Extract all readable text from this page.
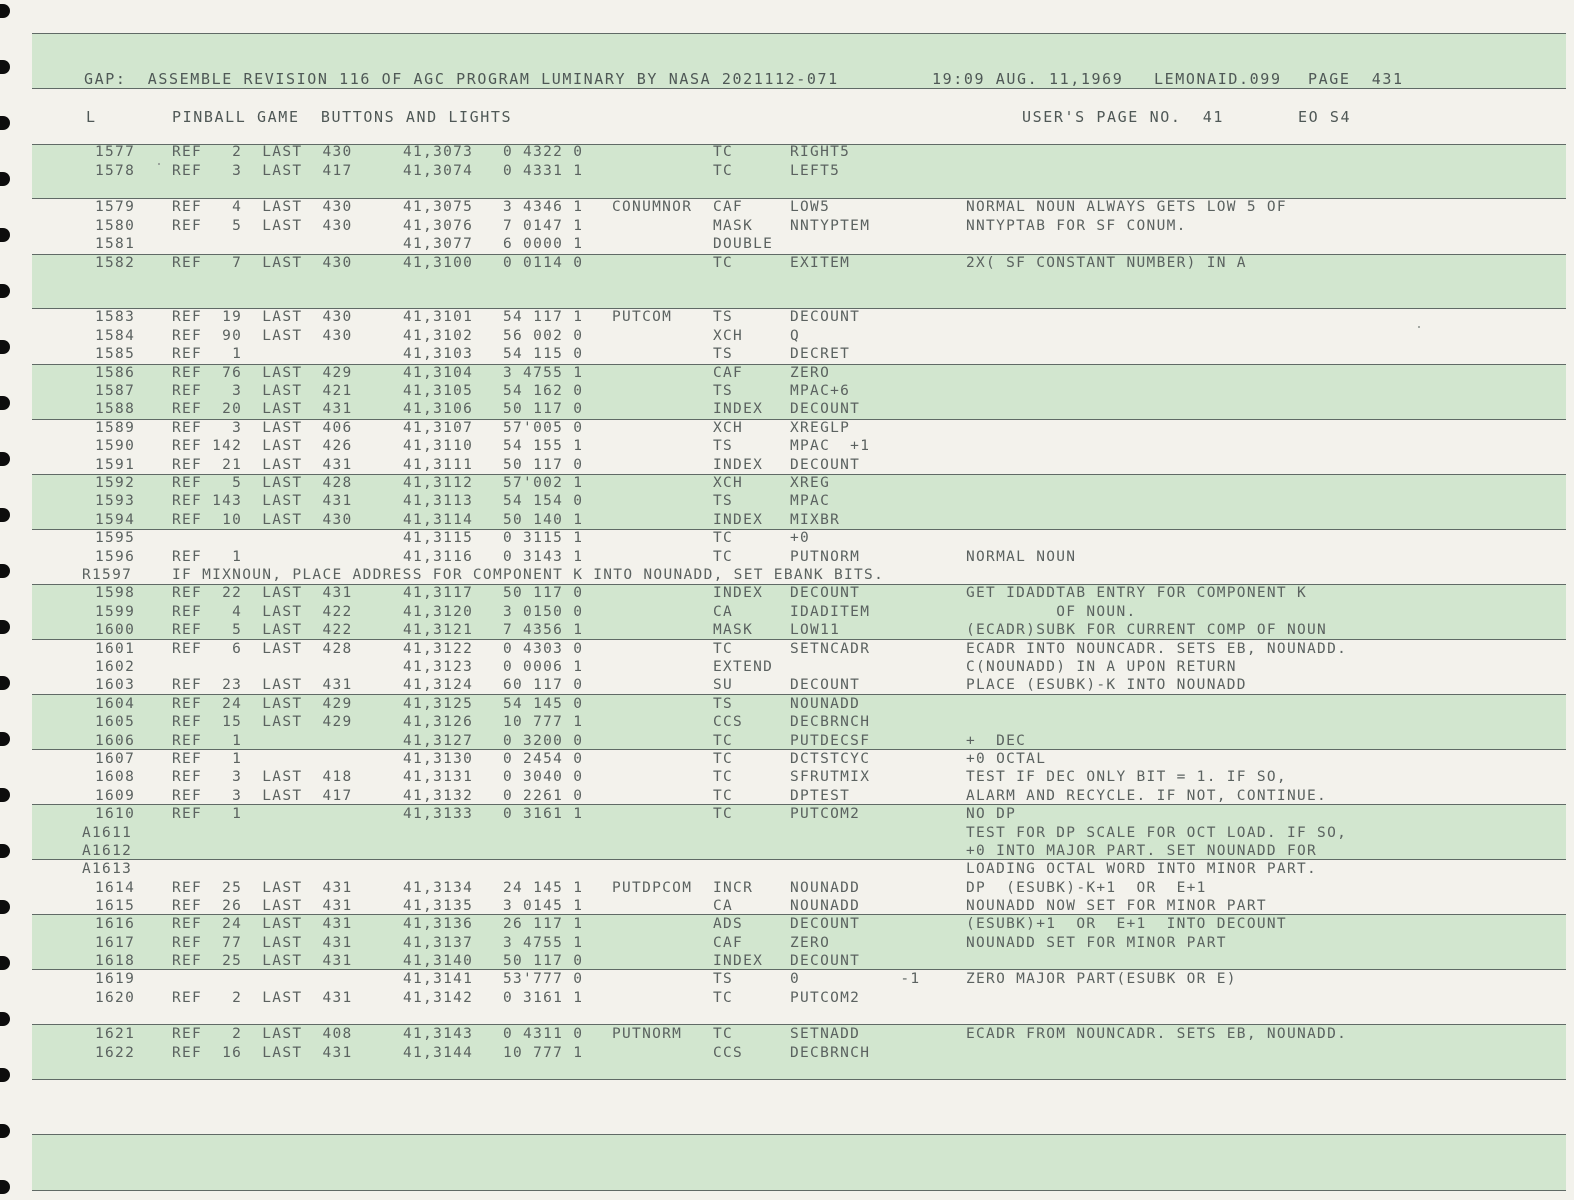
GAP:  ASSEMBLE REVISION 116 OF AGC PROGRAM LUMINARY BY NASA 2021112-071	19:09 AUG. 11,1969 LEMONAID.099 PAGE  431
L	PINBALL GAME  BUTTONS AND LIGHTS	USER'S PAGE NO.  41	EO S4
1577	REF   2  LAST  430	41,3073 0 4322 0	TC	RIGHT5
1578	REF   3  LAST  417	41,3074 0 4331 1	TC	LEFT5
1579	REF   4  LAST  430	41,3075 3 4346 1 CONUMNOR CAF	LOW5	NORMAL NOUN ALWAYS GETS LOW 5 OF
1580	REF   5  LAST  430	41,3076 7 0147 1	MASK	NNTYPTEM	NNTYPTAB FOR SF CONUM.
1581	41,3077 6 0000 1	DOUBLE
1582	REF   7  LAST  430	41,3100 0 0114 0	TC	EXITEM	2X( SF CONSTANT NUMBER) IN A
1583	REF  19  LAST  430	41,3101 54 117 1 PUTCOM	TS	DECOUNT
1584	REF  90  LAST  430	41,3102 56 002 0	XCH	Q
1585	REF   1	41,3103 54 115 0	TS	DECRET
1586	REF  76  LAST  429	41,3104 3 4755 1	CAF	ZERO
1587	REF   3  LAST  421	41,3105 54 162 0	TS	MPAC+6
1588	REF  20  LAST  431	41,3106 50 117 0	INDEX DECOUNT
1589	REF   3  LAST  406	41,3107 57'005 0	XCH	XREGLP
1590	REF 142  LAST  426	41,3110 54 155 1	TS	MPAC  +1
1591	REF  21  LAST  431	41,3111 50 117 0	INDEX DECOUNT
1592	REF   5  LAST  428	41,3112 57'002 1	XCH	XREG
1593	REF 143  LAST  431	41,3113 54 154 0	TS	MPAC
1594	REF  10  LAST  430	41,3114 50 140 1	INDEX MIXBR
1595	41,3115 0 3115 1	TC	+0
1596	REF   1	41,3116 0 3143 1	TC	PUTNORM	NORMAL NOUN
R1597	IF MIXNOUN, PLACE ADDRESS FOR COMPONENT K INTO NOUNADD, SET EBANK BITS.
1598	REF  22  LAST  431	41,3117 50 117 0	INDEX DECOUNT	GET IDADDTAB ENTRY FOR COMPONENT K
1599	REF   4  LAST  422	41,3120 3 0150 0	CA	IDADITEM	OF NOUN.
1600	REF   5  LAST  422	41,3121 7 4356 1	MASK	LOW11	(ECADR)SUBK FOR CURRENT COMP OF NOUN
1601	REF   6  LAST  428	41,3122 0 4303 0	TC	SETNCADR	ECADR INTO NOUNCADR. SETS EB, NOUNADD.
1602	41,3123 0 0006 1	EXTEND	C(NOUNADD) IN A UPON RETURN
1603	REF  23  LAST  431	41,3124 60 117 0	SU	DECOUNT	PLACE (ESUBK)-K INTO NOUNADD
1604	REF  24  LAST  429	41,3125 54 145 0	TS	NOUNADD
1605	REF  15  LAST  429	41,3126 10 777 1	CCS	DECBRNCH
1606	REF   1	41,3127 0 3200 0	TC	PUTDECSF	+  DEC
1607	REF   1	41,3130 0 2454 0	TC	DCTSTCYC	+0 OCTAL
1608	REF   3  LAST  418	41,3131 0 3040 0	TC	SFRUTMIX	TEST IF DEC ONLY BIT = 1. IF SO,
1609	REF   3  LAST  417	41,3132 0 2261 0	TC	DPTEST	ALARM AND RECYCLE. IF NOT, CONTINUE.
1610	REF   1	41,3133 0 3161 1	TC	PUTCOM2	NO DP
A1611	TEST FOR DP SCALE FOR OCT LOAD. IF SO,
A1612	+0 INTO MAJOR PART. SET NOUNADD FOR
A1613	LOADING OCTAL WORD INTO MINOR PART.
1614	REF  25  LAST  431	41,3134 24 145 1 PUTDPCOM INCR	NOUNADD	DP  (ESUBK)-K+1  OR  E+1
1615	REF  26  LAST  431	41,3135 3 0145 1	CA	NOUNADD	NOUNADD NOW SET FOR MINOR PART
1616	REF  24  LAST  431	41,3136 26 117 1	ADS	DECOUNT	(ESUBK)+1  OR  E+1  INTO DECOUNT
1617	REF  77  LAST  431	41,3137 3 4755 1	CAF	ZERO	NOUNADD SET FOR MINOR PART
1618	REF  25  LAST  431	41,3140 50 117 0	INDEX DECOUNT
1619	41,3141 53'777 0	TS	0          -1	ZERO MAJOR PART(ESUBK OR E)
1620	REF   2  LAST  431	41,3142 0 3161 1	TC	PUTCOM2
1621	REF   2  LAST  408	41,3143 0 4311 0 PUTNORM TC	SETNADD	ECADR FROM NOUNCADR. SETS EB, NOUNADD.
1622	REF  16  LAST  431	41,3144 10 777 1	CCS	DECBRNCH
